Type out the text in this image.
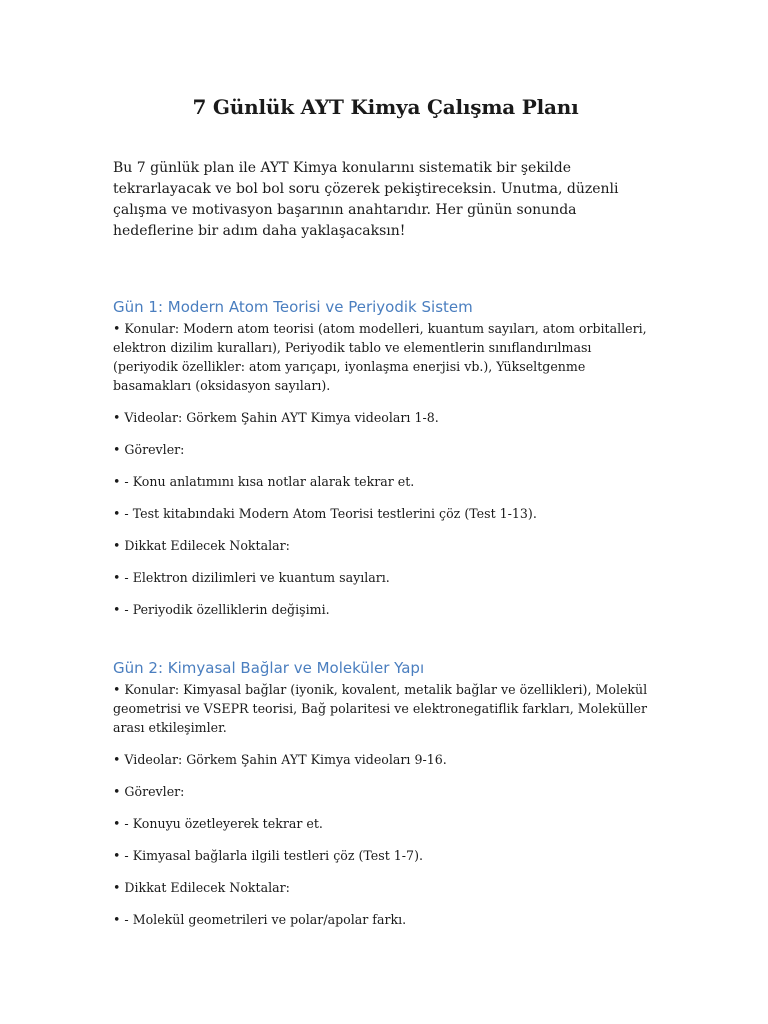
7 Günlük AYT Kimya Çalışma Planı

Bu 7 günlük plan ile AYT Kimya konularını sistematik bir şekilde tekrarlayacak ve bol bol soru çözerek pekiştireceksin. Unutma, düzenli çalışma ve motivasyon başarının anahtarıdır. Her günün sonunda hedeflerine bir adım daha yaklaşacaksın!

Gün 1: Modern Atom Teorisi ve Periyodik Sistem

• Konular: Modern atom teorisi (atom modelleri, kuantum sayıları, atom orbitalleri, elektron dizilim kuralları), Periyodik tablo ve elementlerin sınıflandırılması (periyodik özellikler: atom yarıçapı, iyonlaşma enerjisi vb.), Yükseltgenme basamakları (oksidasyon sayıları).

• Videolar: Görkem Şahin AYT Kimya videoları 1-8.

• Görevler:

• - Konu anlatımını kısa notlar alarak tekrar et.

• - Test kitabındaki Modern Atom Teorisi testlerini çöz (Test 1-13).

• Dikkat Edilecek Noktalar:

• - Elektron dizilimleri ve kuantum sayıları.

• - Periyodik özelliklerin değişimi.

Gün 2: Kimyasal Bağlar ve Moleküler Yapı

• Konular: Kimyasal bağlar (iyonik, kovalent, metalik bağlar ve özellikleri), Molekül geometrisi ve VSEPR teorisi, Bağ polaritesi ve elektronegatiflik farkları, Moleküller arası etkileşimler.

• Videolar: Görkem Şahin AYT Kimya videoları 9-16.

• Görevler:

• - Konuyu özetleyerek tekrar et.

• - Kimyasal bağlarla ilgili testleri çöz (Test 1-7).

• Dikkat Edilecek Noktalar:

• - Molekül geometrileri ve polar/apolar farkı.
